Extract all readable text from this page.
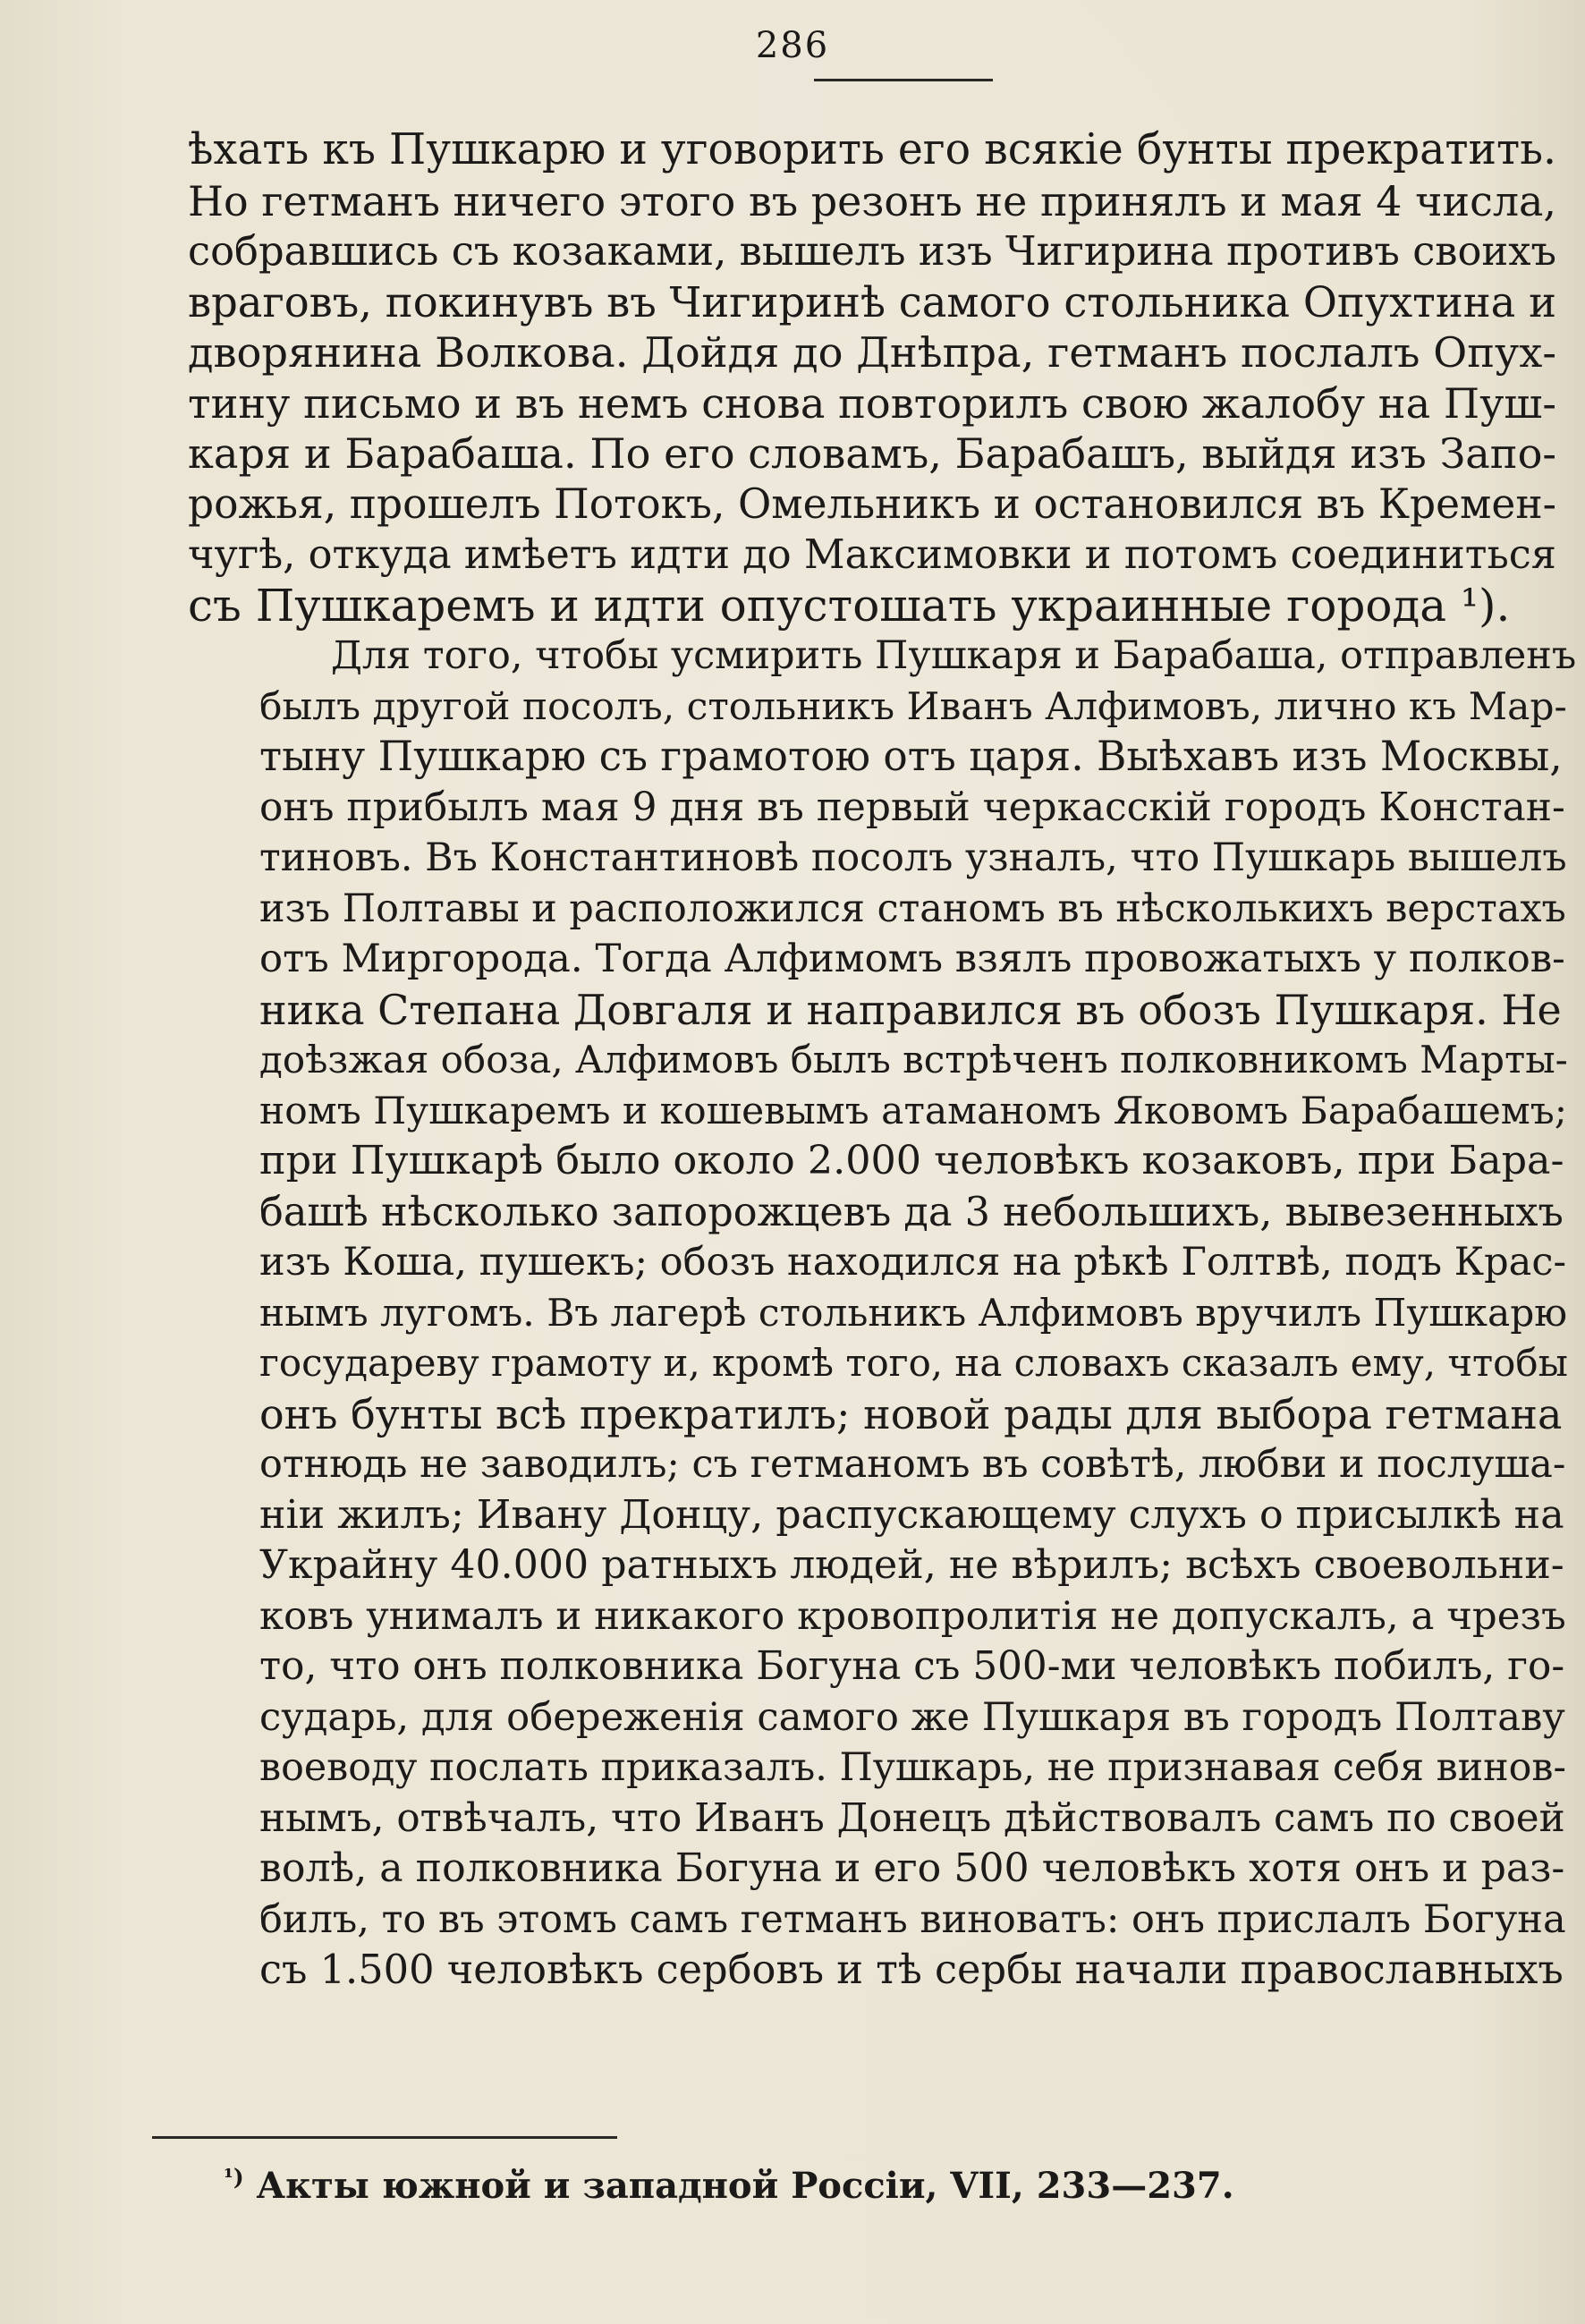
286
ѣхать къ Пушкарю и уговорить его всякіе бунты прекратить.
Но гетманъ ничего этого въ резонъ не принялъ и мая 4 числа,
собравшись съ козаками, вышелъ изъ Чигирина противъ своихъ
враговъ, покинувъ въ Чигиринѣ самого стольника Опухтина и
дворянина Волкова. Дойдя до Днѣпра, гетманъ послалъ Опух-
тину письмо и въ немъ снова повторилъ свою жалобу на Пуш-
каря и Барабаша. По его словамъ, Барабашъ, выйдя изъ Запо-
рожья, прошелъ Потокъ, Омельникъ и остановился въ Кремен-
чугѣ, откуда имѣетъ идти до Максимовки и потомъ соединиться
съ Пушкаремъ и идти опустошать украинные города ¹).
Для того, чтобы усмирить Пушкаря и Барабаша, отправленъ
былъ другой посолъ, стольникъ Иванъ Алфимовъ, лично къ Мар-
тыну Пушкарю съ грамотою отъ царя. Выѣхавъ изъ Москвы,
онъ прибылъ мая 9 дня въ первый черкасскій городъ Констан-
тиновъ. Въ Константиновѣ посолъ узналъ, что Пушкарь вышелъ
изъ Полтавы и расположился станомъ въ нѣсколькихъ верстахъ
отъ Миргорода. Тогда Алфимомъ взялъ провожатыхъ у полков-
ника Степана Довгаля и направился въ обозъ Пушкаря. Не
доѣзжая обоза, Алфимовъ былъ встрѣченъ полковникомъ Марты-
номъ Пушкаремъ и кошевымъ атаманомъ Яковомъ Барабашемъ;
при Пушкарѣ было около 2.000 человѣкъ козаковъ, при Бара-
башѣ нѣсколько запорожцевъ да 3 небольшихъ, вывезенныхъ
изъ Коша, пушекъ; обозъ находился на рѣкѣ Голтвѣ, подъ Крас-
нымъ лугомъ. Въ лагерѣ стольникъ Алфимовъ вручилъ Пушкарю
государеву грамоту и, кромѣ того, на словахъ сказалъ ему, чтобы
онъ бунты всѣ прекратилъ; новой рады для выбора гетмана
отнюдь не заводилъ; съ гетманомъ въ совѣтѣ, любви и послуша-
ніи жилъ; Ивану Донцу, распускающему слухъ о присылкѣ на
Украйну 40.000 ратныхъ людей, не вѣрилъ; всѣхъ своевольни-
ковъ унималъ и никакого кровопролитія не допускалъ, а чрезъ
то, что онъ полковника Богуна съ 500-ми человѣкъ побилъ, го-
сударь, для обереженія самого же Пушкаря въ городъ Полтаву
воеводу послать приказалъ. Пушкарь, не признавая себя винов-
нымъ, отвѣчалъ, что Иванъ Донецъ дѣйствовалъ самъ по своей
волѣ, а полковника Богуна и его 500 человѣкъ хотя онъ и раз-
билъ, то въ этомъ самъ гетманъ виноватъ: онъ прислалъ Богуна
съ 1.500 человѣкъ сербовъ и тѣ сербы начали православныхъ
$^{^1)}$ Акты южной и западной Россіи, VII, 233—237.
